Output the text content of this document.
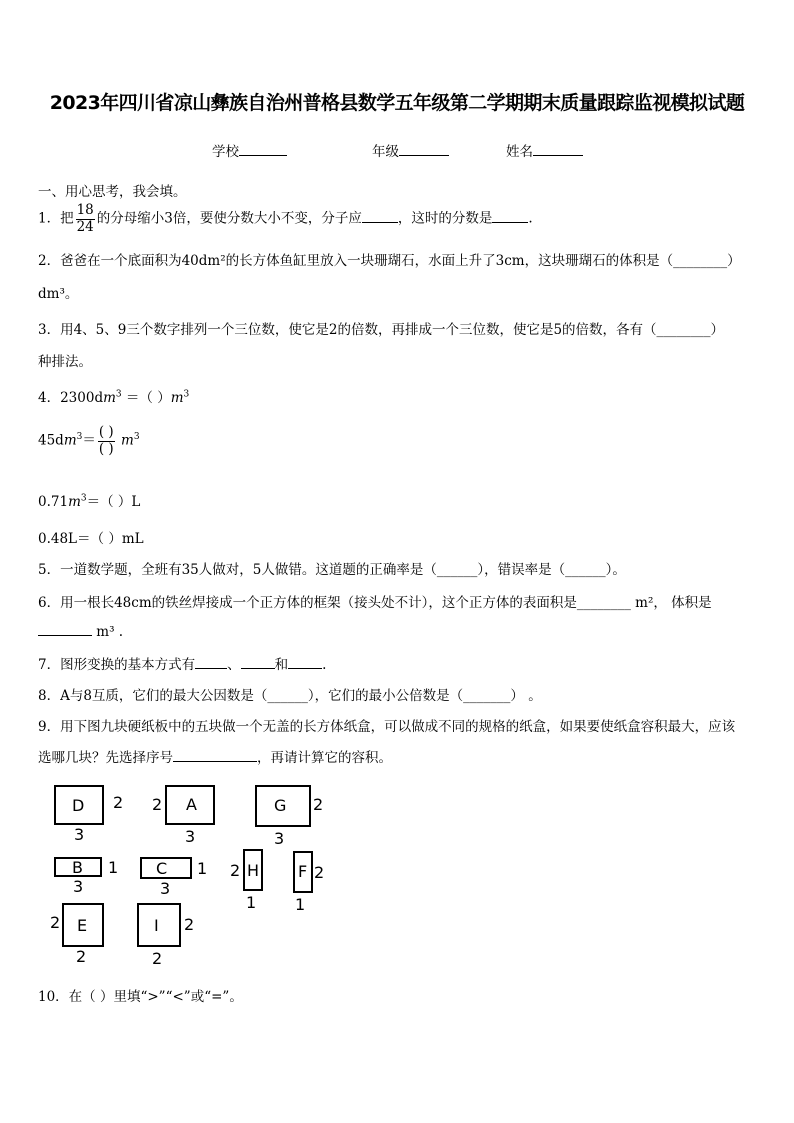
2023年四川省凉山彝族自治州普格县数学五年级第二学期期末质量跟踪监视模拟试题
学校	年级	姓名
一、用心思考，我会填。
1．把 $\frac{18}{24}$ 的分母缩小3倍，要使分数大小不变，分子应	，这时的分数是	.
2．爸爸在一个底面积为40dm²的长方体鱼缸里放入一块珊瑚石，水面上升了3cm，这块珊瑚石的体积是（________）
dm³。
3．用4、5、9三个数字排列一个三位数，使它是2的倍数，再排成一个三位数，使它是5的倍数，各有（________）
种排法。
4．$2300dm^3$ ＝（ ）$m^3$
$45dm^3= \frac{( )}{( )} m^3$
$0.71m^3=$（ ）L
0.48L＝（ ）mL
5．一道数学题，全班有35人做对，5人做错。这道题的正确率是（______），错误率是（______）。
6．用一根长48cm的铁丝焊接成一个正方体的框架（接头处不计），这个正方体的表面积是________ m²， 体积是
m³ .
7．图形变换的基本方式有 、	和	.
8．A与8互质，它们的最大公因数是（______），它们的最小公倍数是（_______） 。
9．用下图九块硬纸板中的五块做一个无盖的长方体纸盒，可以做成不同的规格的纸盒，如果要使纸盒容积最大，应该
选哪几块？先选择序号	，再请计算它的容积。
D 2
3
A
2
3
G 2
3
B 1
3
C 1
3
H
2
1
F 2
1
E
2
2
I 2
2
10．在（ ）里填“>”“<”或“=”。
